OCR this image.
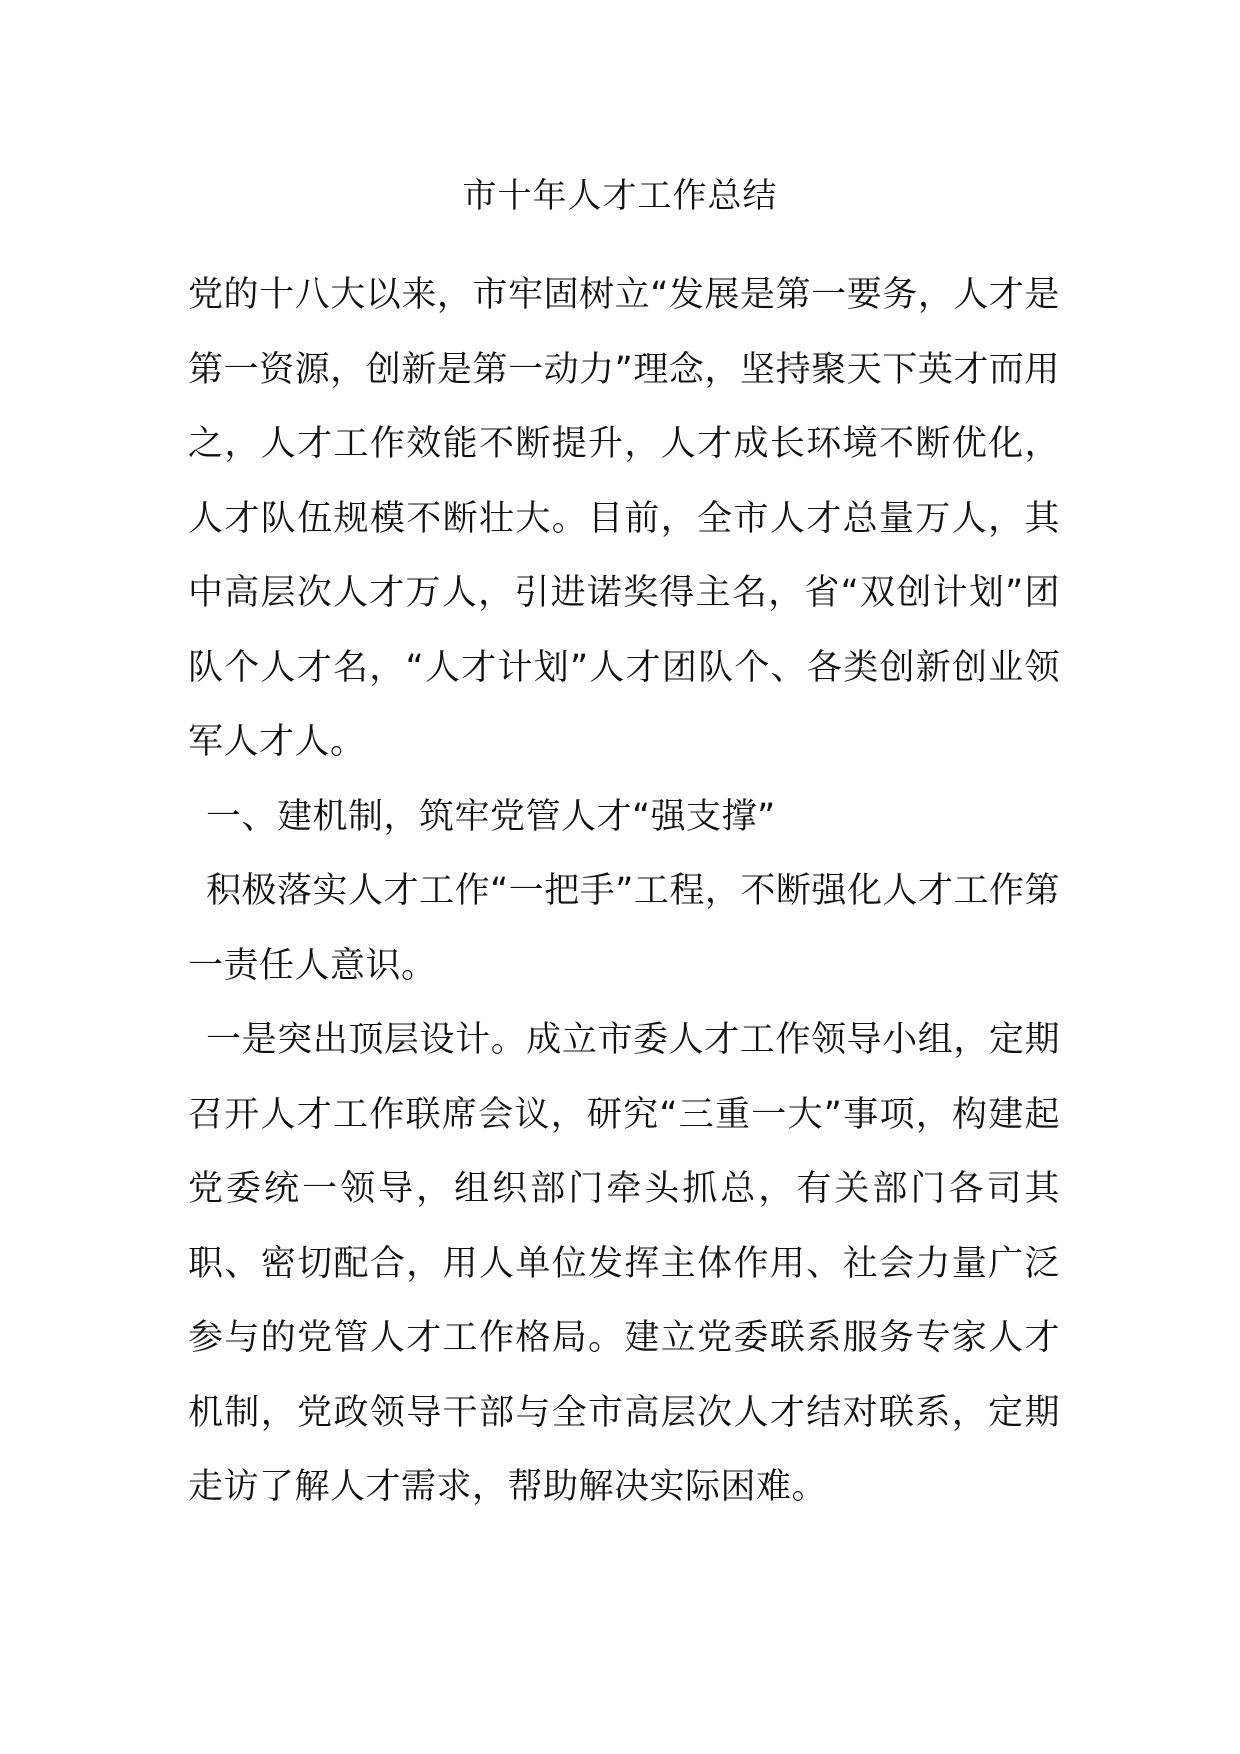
市十年人才工作总结

党的十八大以来，市牢固树立“发展是第一要务，人才是第一资源，创新是第一动力”理念，坚持聚天下英才而用之，人才工作效能不断提升，人才成长环境不断优化，人才队伍规模不断壮大。目前，全市人才总量万人，其中高层次人才万人，引进诺奖得主名，省“双创计划”团队个人才名，“人才计划”人才团队个、各类创新创业领军人才人。

一、建机制，筑牢党管人才“强支撑”

积极落实人才工作“一把手”工程，不断强化人才工作第一责任人意识。

一是突出顶层设计。成立市委人才工作领导小组，定期召开人才工作联席会议，研究“三重一大”事项，构建起党委统一领导，组织部门牵头抓总，有关部门各司其职、密切配合，用人单位发挥主体作用、社会力量广泛参与的党管人才工作格局。建立党委联系服务专家人才机制，党政领导干部与全市高层次人才结对联系，定期走访了解人才需求，帮助解决实际困难。
